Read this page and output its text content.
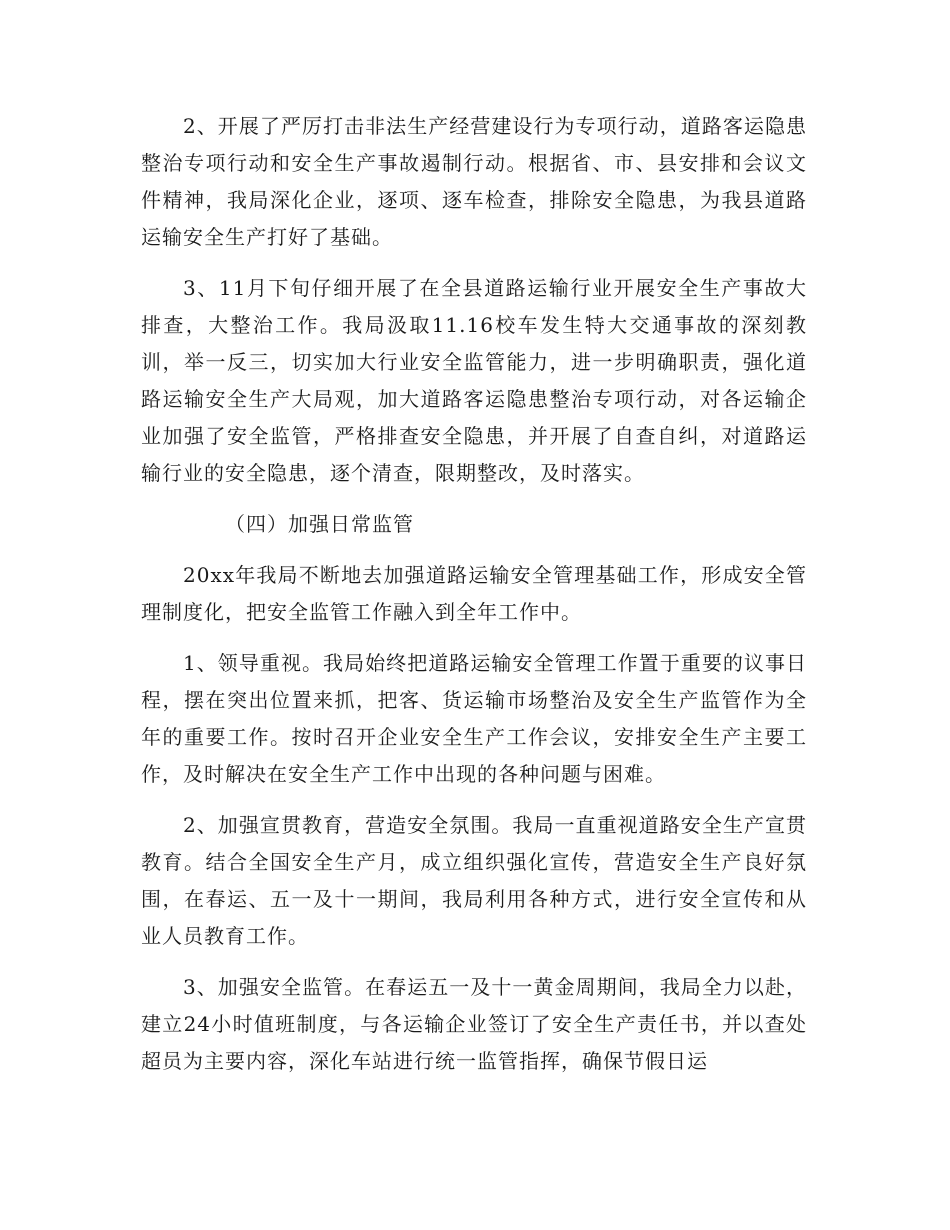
2、开展了严厉打击非法生产经营建设行为专项行动，道路客运隐患整治专项行动和安全生产事故遏制行动。根据省、市、县安排和会议文件精神，我局深化企业，逐项、逐车检查，排除安全隐患，为我县道路运输安全生产打好了基础。

3、11月下旬仔细开展了在全县道路运输行业开展安全生产事故大排查，大整治工作。我局汲取11.16校车发生特大交通事故的深刻教训，举一反三，切实加大行业安全监管能力，进一步明确职责，强化道路运输安全生产大局观，加大道路客运隐患整治专项行动，对各运输企业加强了安全监管，严格排查安全隐患，并开展了自查自纠，对道路运输行业的安全隐患，逐个清查，限期整改，及时落实。

（四）加强日常监管

20xx年我局不断地去加强道路运输安全管理基础工作，形成安全管理制度化，把安全监管工作融入到全年工作中。

1、领导重视。我局始终把道路运输安全管理工作置于重要的议事日程，摆在突出位置来抓，把客、货运输市场整治及安全生产监管作为全年的重要工作。按时召开企业安全生产工作会议，安排安全生产主要工作，及时解决在安全生产工作中出现的各种问题与困难。

2、加强宣贯教育，营造安全氛围。我局一直重视道路安全生产宣贯教育。结合全国安全生产月，成立组织强化宣传，营造安全生产良好氛围，在春运、五一及十一期间，我局利用各种方式，进行安全宣传和从业人员教育工作。

3、加强安全监管。在春运五一及十一黄金周期间，我局全力以赴，建立24小时值班制度，与各运输企业签订了安全生产责任书，并以查处超员为主要内容，深化车站进行统一监管指挥，确保节假日运
